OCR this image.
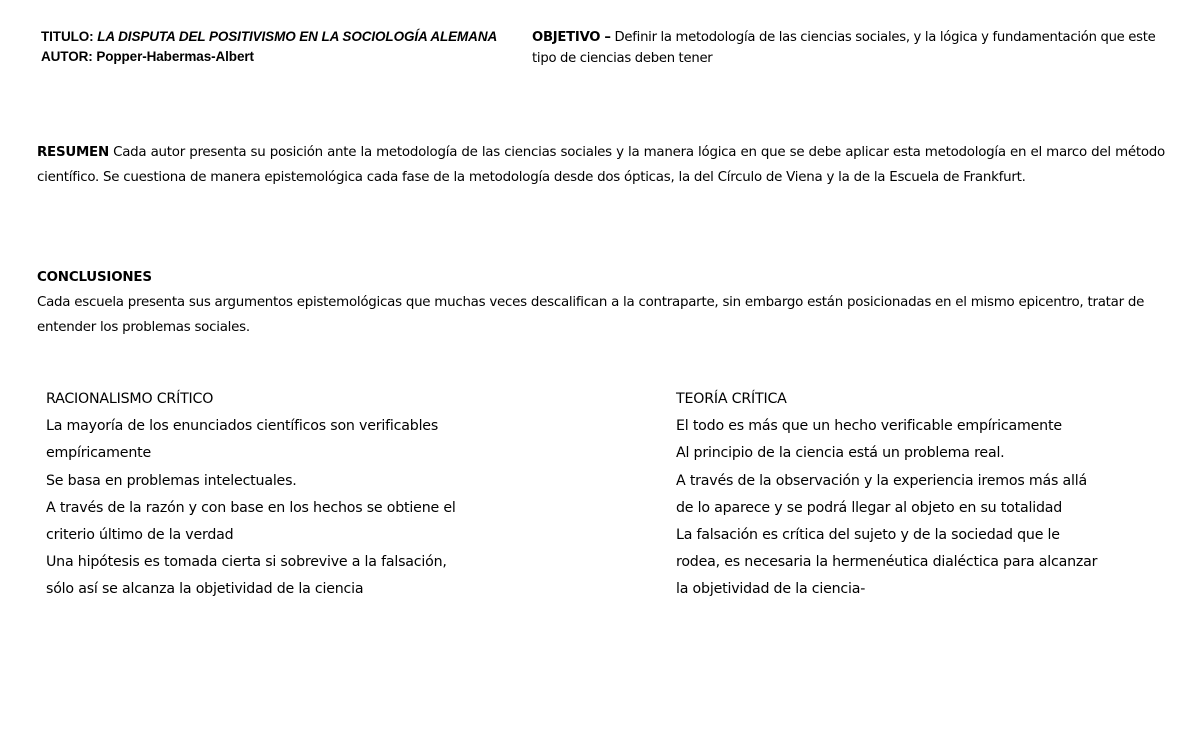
TITULO: LA DISPUTA DEL POSITIVISMO EN LA SOCIOLOGÍA ALEMANA
AUTOR: Popper-Habermas-Albert
OBJETIVO – Definir la metodología de las ciencias sociales, y la lógica y fundamentación que este tipo de ciencias deben tener

RESUMEN Cada autor presenta su posición ante la metodología de las ciencias sociales y la manera lógica en que se debe aplicar esta metodología en el marco del método científico. Se cuestiona de manera epistemológica cada fase de la metodología desde dos ópticas, la del Círculo de Viena y la de la Escuela de Frankfurt.

CONCLUSIONES

Cada escuela presenta sus argumentos epistemológicas que muchas veces descalifican a la contraparte, sin embargo están posicionadas en el mismo epicentro, tratar de entender los problemas sociales.

RACIONALISMO CRÍTICO
La mayoría de los enunciados científicos son verificables
empíricamente
Se basa en problemas intelectuales.
A través de la razón y con base en los hechos se obtiene el
criterio último de la verdad
Una hipótesis es tomada cierta si sobrevive a la falsación,
sólo así se alcanza la objetividad de la ciencia
TEORÍA CRÍTICA
El todo es más que un hecho verificable empíricamente
Al principio de la ciencia está un problema real.
A través de la observación y la experiencia iremos más allá
de lo aparece y se podrá llegar al objeto en su totalidad
La falsación es crítica del sujeto y de la sociedad que le
rodea, es necesaria la hermenéutica dialéctica para alcanzar
la objetividad de la ciencia-
